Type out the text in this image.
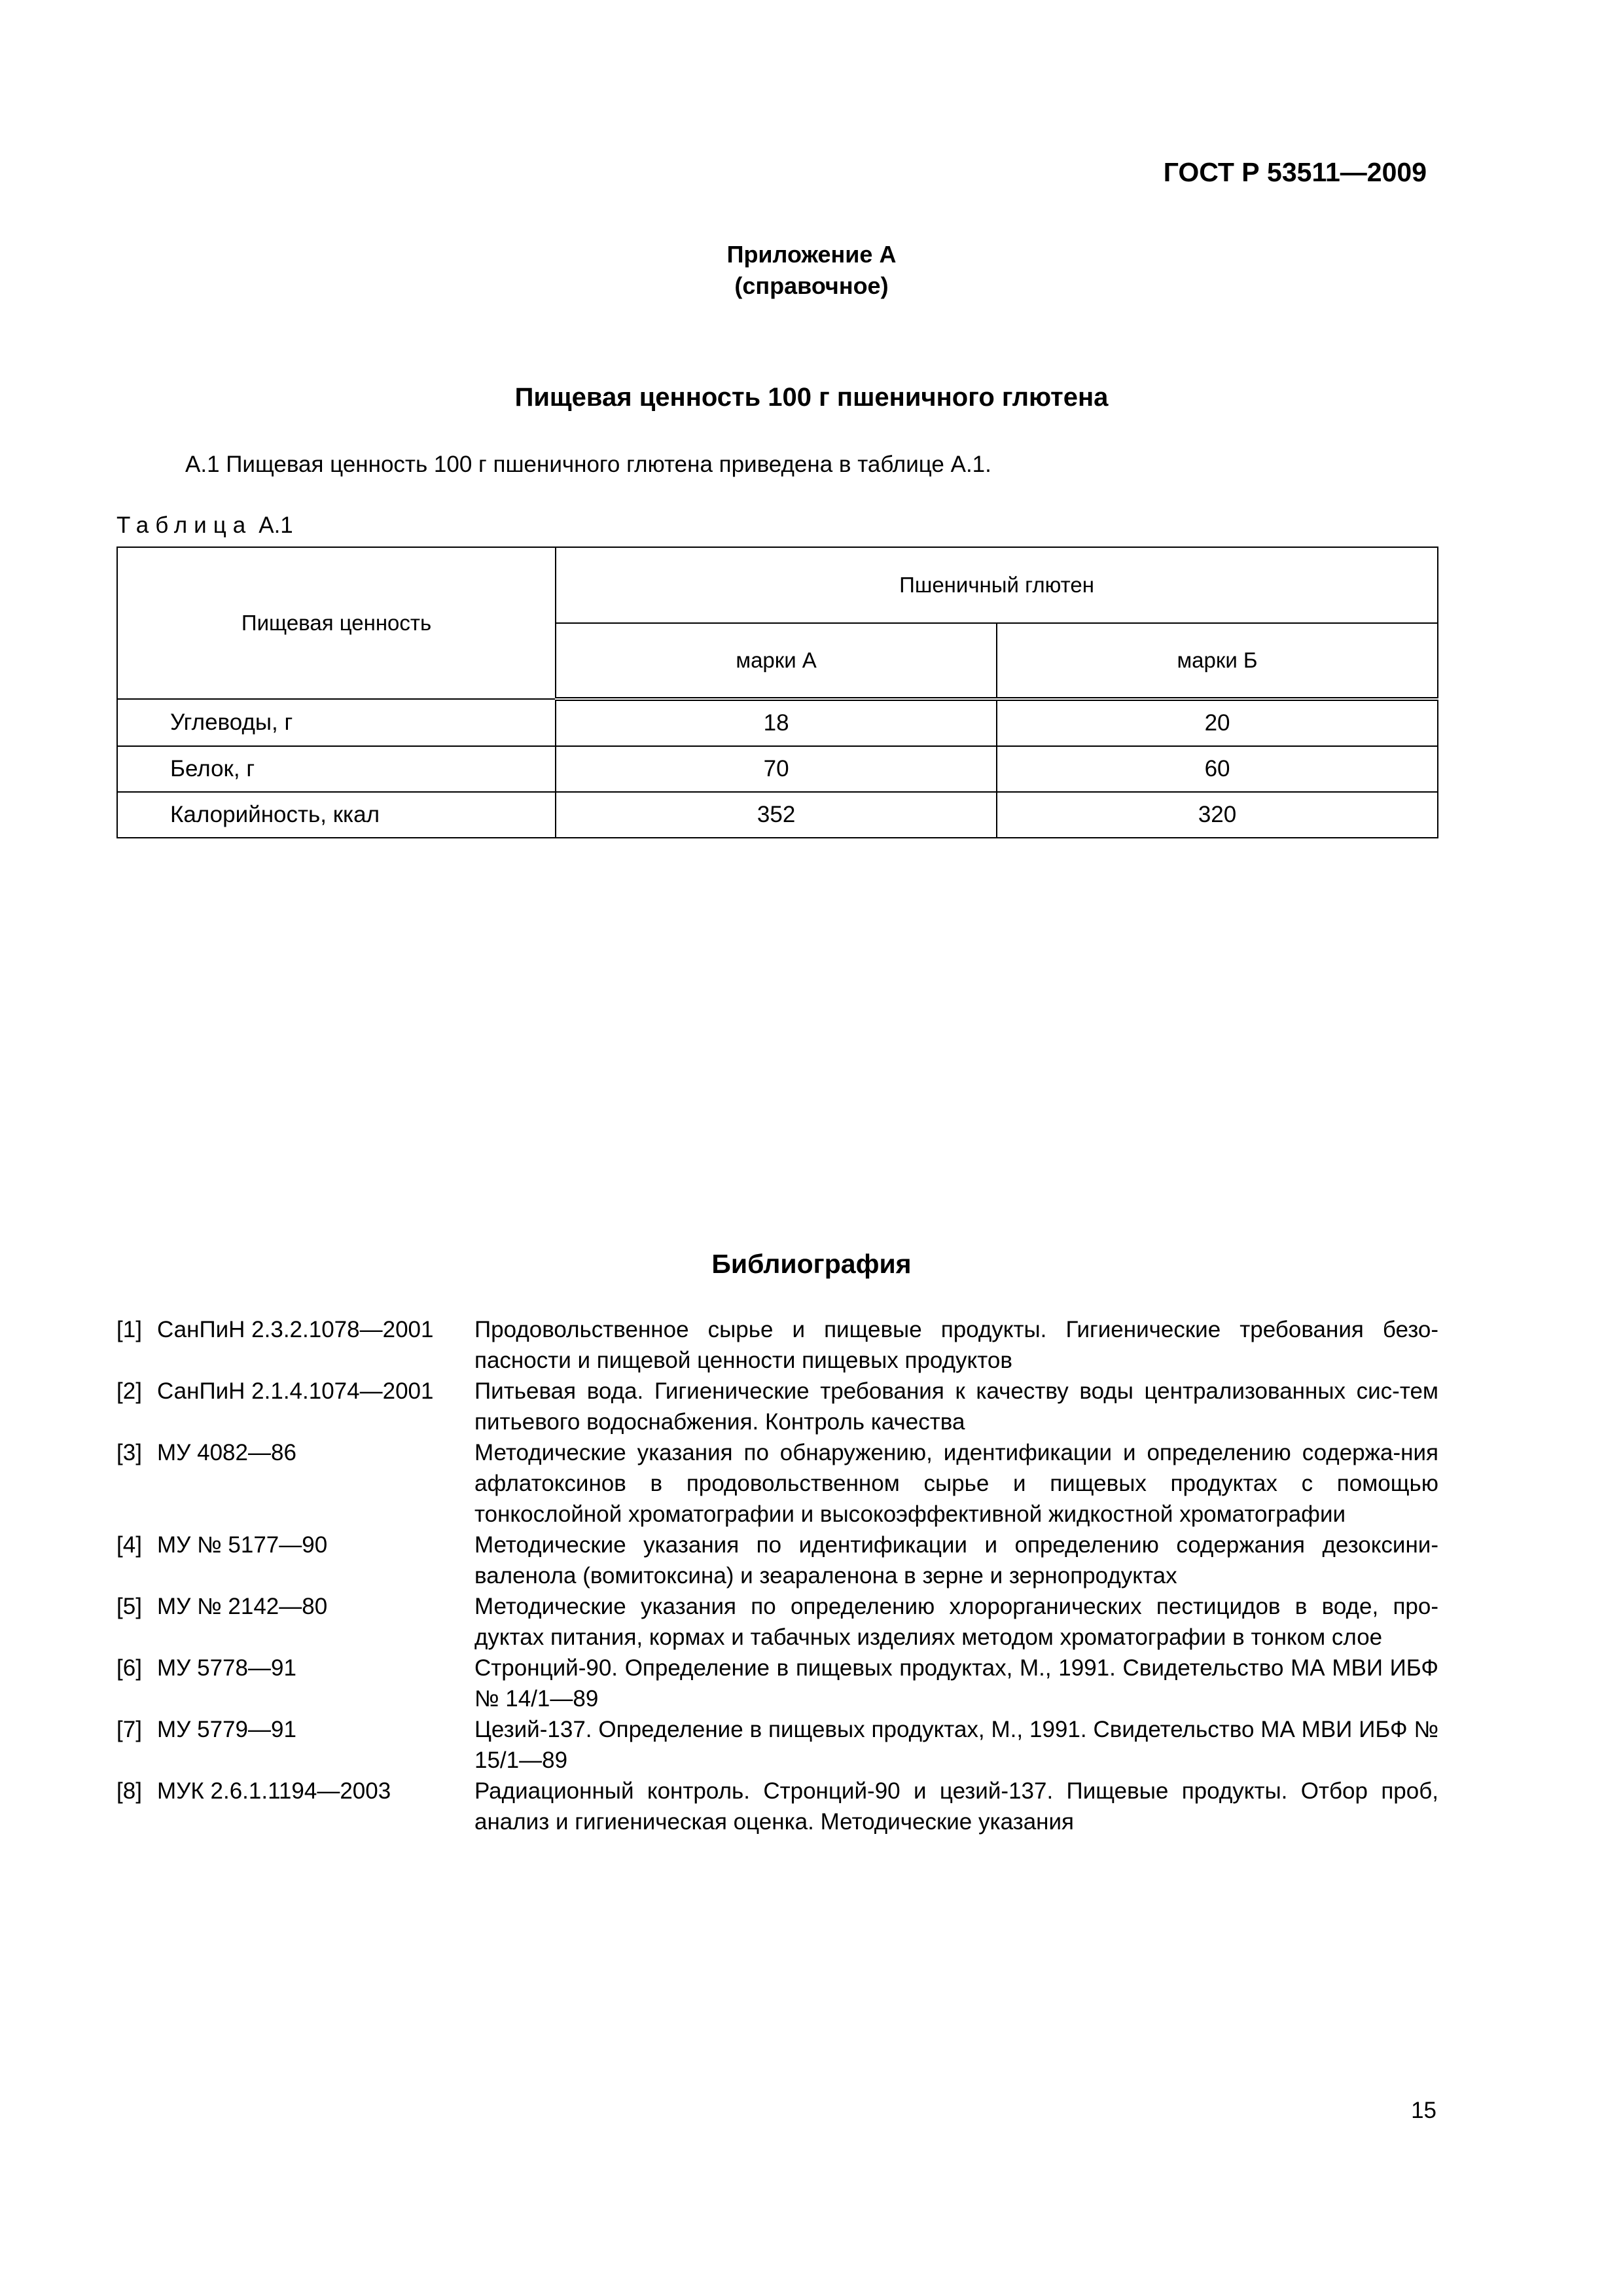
ГОСТ Р 53511—2009
Приложение А
(справочное)
Пищевая ценность 100 г пшеничного глютена
А.1 Пищевая ценность 100 г пшеничного глютена приведена в таблице А.1.
Таблица А.1
Пищевая ценность	Пшеничный глютен	
	марки А	марки Б
Углеводы, г	18	20
Белок, г	70	60
Калорийность, ккал	352	320
Библиография
[1] СанПиН 2.3.2.1078—2001	Продовольственное сырье и пищевые продукты. Гигиенические требования безо-пасности и пищевой ценности пищевых продуктов
[2] СанПиН 2.1.4.1074—2001	Питьевая вода. Гигиенические требования к качеству воды централизованных сис-тем питьевого водоснабжения. Контроль качества
[3] МУ 4082—86	Методические указания по обнаружению, идентификации и определению содержа-ния афлатоксинов в продовольственном сырье и пищевых продуктах с помощью тонкослойной хроматографии и высокоэффективной жидкостной хроматографии
[4] МУ № 5177—90	Методические указания по идентификации и определению содержания дезоксини-валенола (вомитоксина) и зеараленона в зерне и зернопродуктах
[5] МУ № 2142—80	Методические указания по определению хлорорганических пестицидов в воде, про-дуктах питания, кормах и табачных изделиях методом хроматографии в тонком слое
[6] МУ 5778—91	Стронций-90. Определение в пищевых продуктах, М., 1991. Свидетельство МА МВИ ИБФ № 14/1—89
[7] МУ 5779—91	Цезий-137. Определение в пищевых продуктах, М., 1991. Свидетельство МА МВИ ИБФ № 15/1—89
[8] МУК 2.6.1.1194—2003	Радиационный контроль. Стронций-90 и цезий-137. Пищевые продукты. Отбор проб, анализ и гигиеническая оценка. Методические указания
15
